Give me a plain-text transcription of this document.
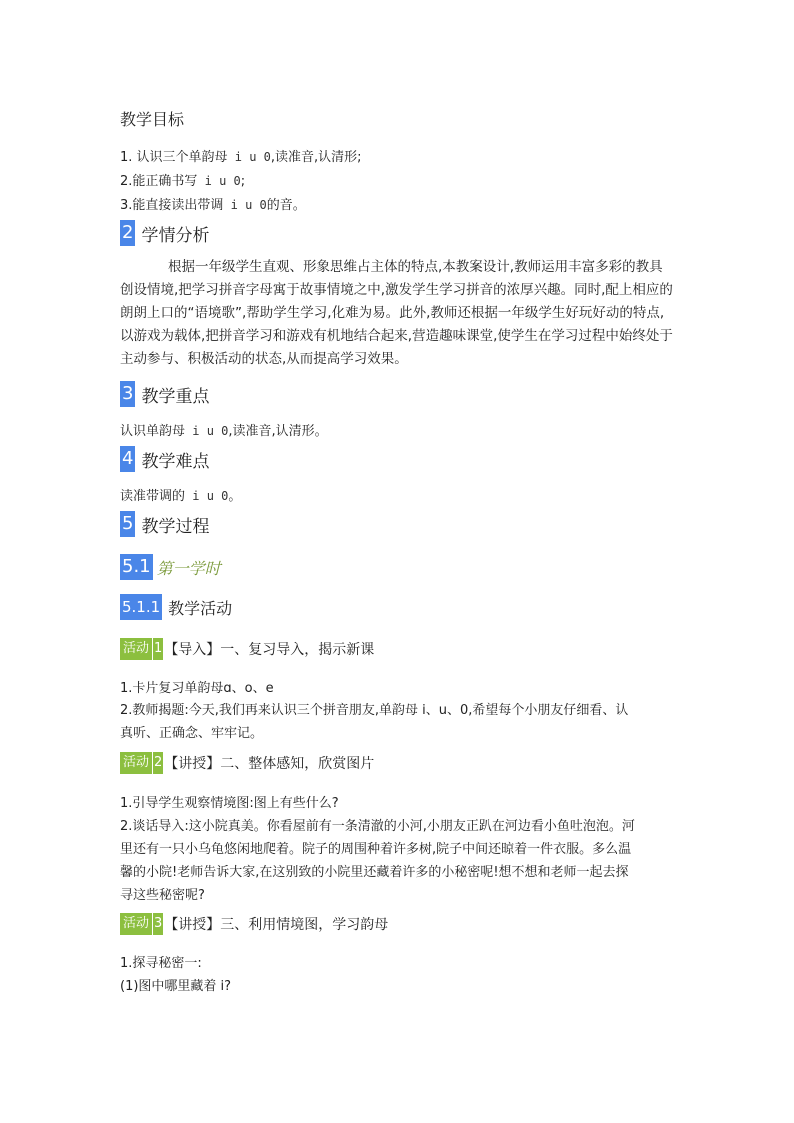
教学目标
1. 认识三个单韵母 i u 0,读准音,认清形;
2.能正确书写 i u 0;
3.能直接读出带调 i u 0的音。
2 学情分析
根据一年级学生直观、形象思维占主体的特点,本教案设计,教师运用丰富多彩的教具创设情境,把学习拼音字母寓于故事情境之中,激发学生学习拼音的浓厚兴趣。同时,配上相应的朗朗上口的“语境歌”,帮助学生学习,化难为易。此外,教师还根据一年级学生好玩好动的特点,以游戏为载体,把拼音学习和游戏有机地结合起来,营造趣味课堂,使学生在学习过程中始终处于主动参与、积极活动的状态,从而提高学习效果。
3 教学重点
认识单韵母 i u 0,读准音,认清形。
4 教学难点
读准带调的 i u 0。
5 教学过程
5.1 第一学时
5.1.1 教学活动
活动 1 【导入】一、复习导入，揭示新课
1.卡片复习单韵母ɑ、o、e
2.教师揭题:今天,我们再来认识三个拼音朋友,单韵母 i、u、0,希望每个小朋友仔细看、认
真听、正确念、牢牢记。
活动 2 【讲授】二、整体感知，欣赏图片
1.引导学生观察情境图:图上有些什么?
2.谈话导入:这小院真美。你看屋前有一条清澈的小河,小朋友正趴在河边看小鱼吐泡泡。河
里还有一只小乌龟悠闲地爬着。院子的周围种着许多树,院子中间还晾着一件衣服。多么温
馨的小院!老师告诉大家,在这别致的小院里还藏着许多的小秘密呢!想不想和老师一起去探
寻这些秘密呢?
活动 3 【讲授】三、利用情境图，学习韵母
1.探寻秘密一:
(1)图中哪里藏着 i?
